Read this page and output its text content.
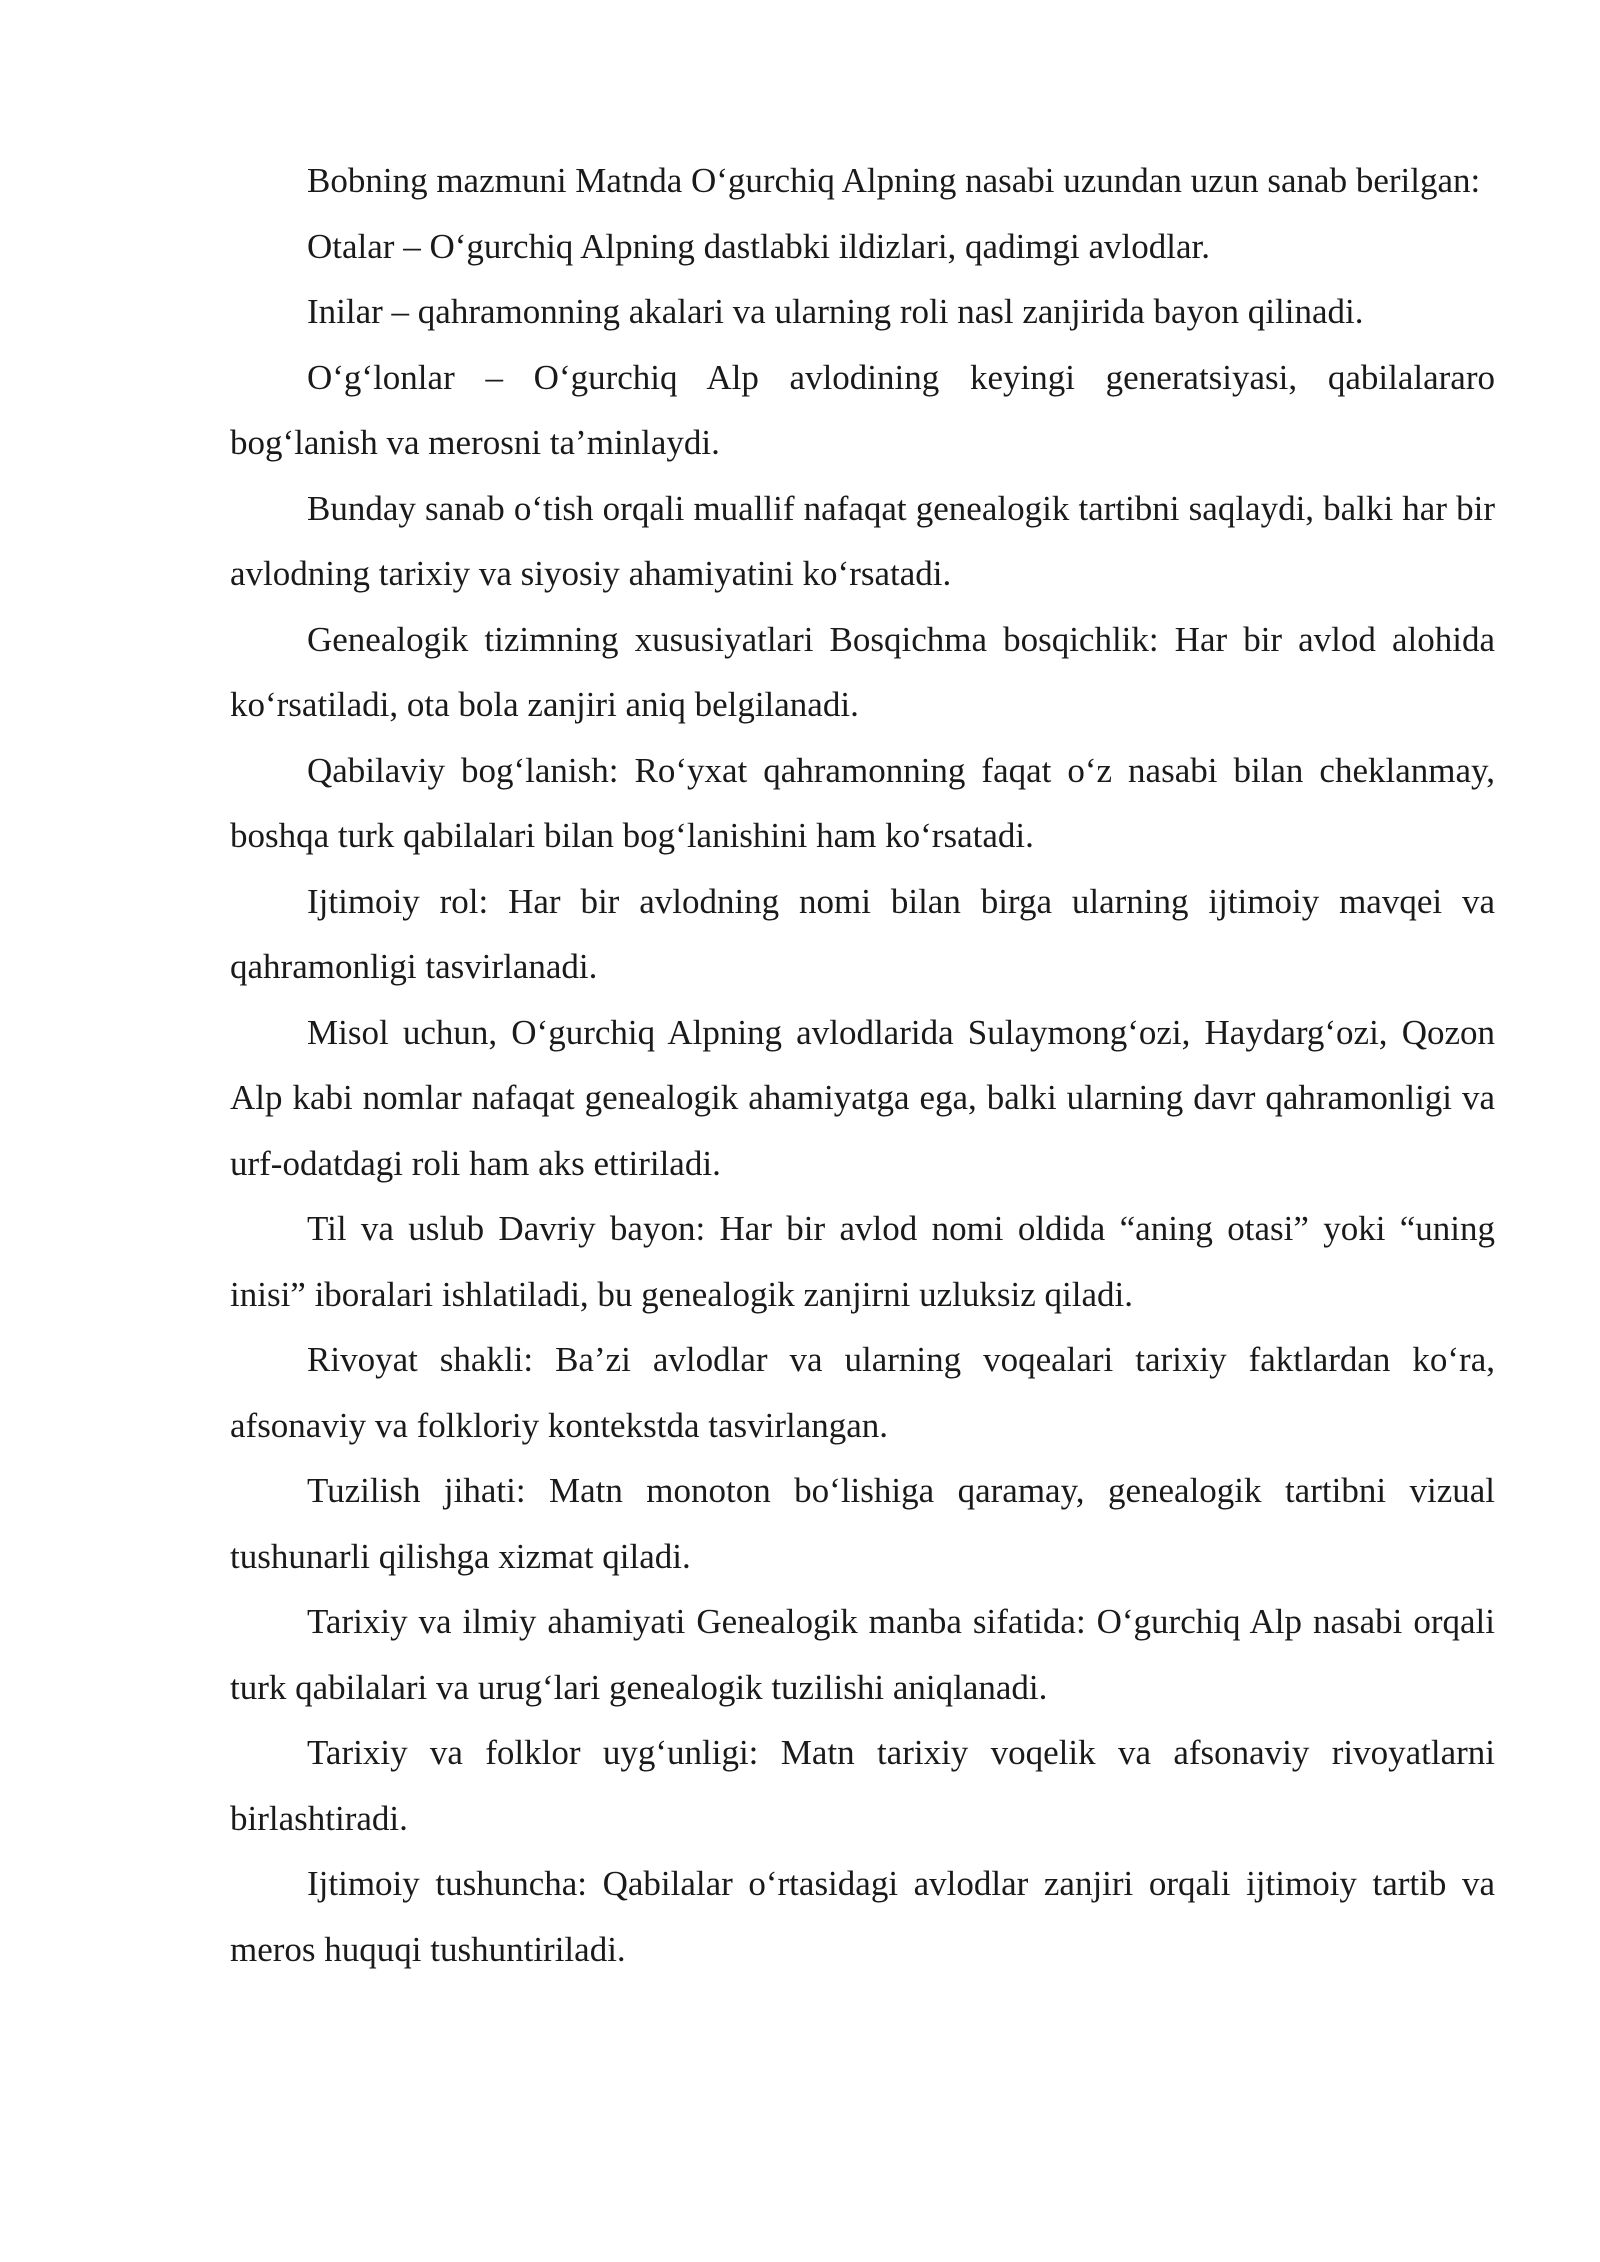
Bobning mazmuni Matnda O‘gurchiq Alpning nasabi uzundan uzun sanab berilgan:

Otalar – O‘gurchiq Alpning dastlabki ildizlari, qadimgi avlodlar.

Inilar – qahramonning akalari va ularning roli nasl zanjirida bayon qilinadi.

O‘g‘lonlar – O‘gurchiq Alp avlodining keyingi generatsiyasi, qabilalararo bog‘lanish va merosni ta’minlaydi.

Bunday sanab o‘tish orqali muallif nafaqat genealogik tartibni saqlaydi, balki har bir avlodning tarixiy va siyosiy ahamiyatini ko‘rsatadi.

Genealogik tizimning xususiyatlari Bosqichma bosqichlik: Har bir avlod alohida ko‘rsatiladi, ota bola zanjiri aniq belgilanadi.

Qabilaviy bog‘lanish: Ro‘yxat qahramonning faqat o‘z nasabi bilan cheklanmay, boshqa turk qabilalari bilan bog‘lanishini ham ko‘rsatadi.

Ijtimoiy rol: Har bir avlodning nomi bilan birga ularning ijtimoiy mavqei va qahramonligi tasvirlanadi.

Misol uchun, O‘gurchiq Alpning avlodlarida Sulaymong‘ozi, Haydarg‘ozi, Qozon Alp kabi nomlar nafaqat genealogik ahamiyatga ega, balki ularning davr qahramonligi va urf-odatdagi roli ham aks ettiriladi.

Til va uslub Davriy bayon: Har bir avlod nomi oldida “aning otasi” yoki “uning inisi” iboralari ishlatiladi, bu genealogik zanjirni uzluksiz qiladi.

Rivoyat shakli: Ba’zi avlodlar va ularning voqealari tarixiy faktlardan ko‘ra, afsonaviy va folkloriy kontekstda tasvirlangan.

Tuzilish jihati: Matn monoton bo‘lishiga qaramay, genealogik tartibni vizual tushunarli qilishga xizmat qiladi.

Tarixiy va ilmiy ahamiyati Genealogik manba sifatida: O‘gurchiq Alp nasabi orqali turk qabilalari va urug‘lari genealogik tuzilishi aniqlanadi.

Tarixiy va folklor uyg‘unligi: Matn tarixiy voqelik va afsonaviy rivoyatlarni birlashtiradi.

Ijtimoiy tushuncha: Qabilalar o‘rtasidagi avlodlar zanjiri orqali ijtimoiy tartib va meros huquqi tushuntiriladi.
